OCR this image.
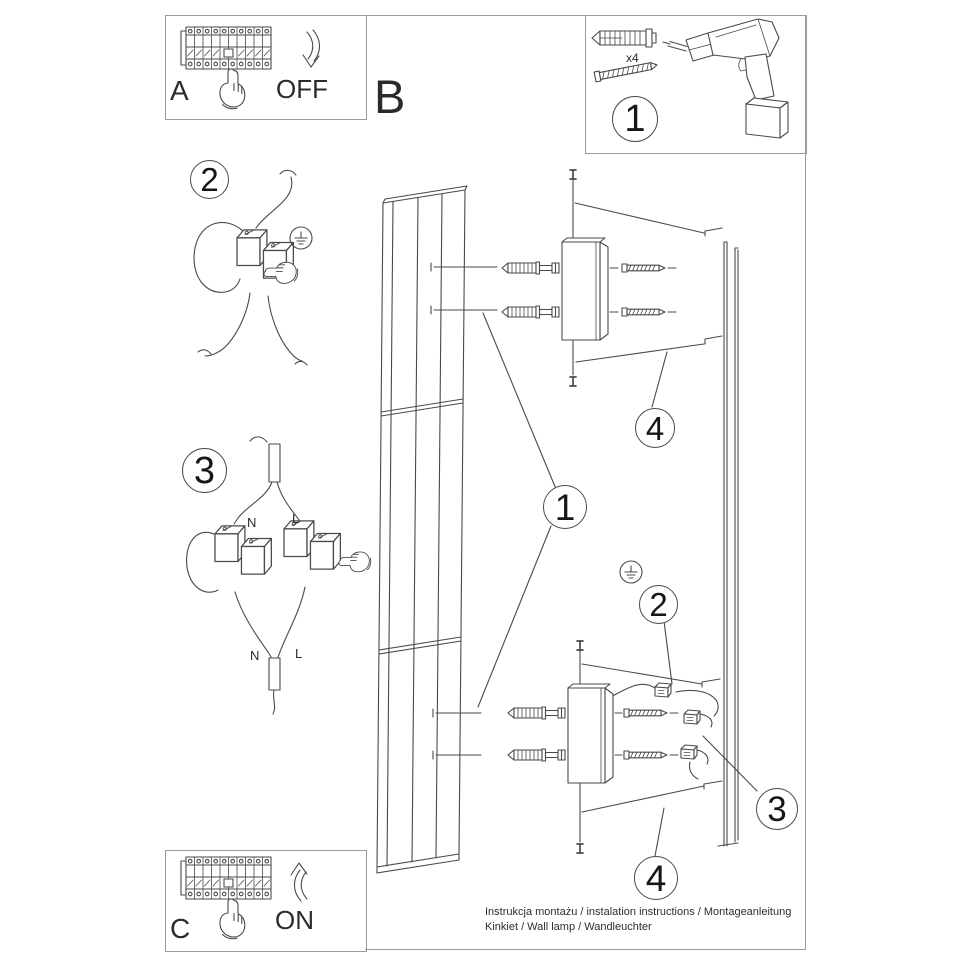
A	OFF B
C	ON
x4
N	L
N	L
1
2
3
1
4
2
3
4
Instrukcja montażu / instalation instructions / Montageanleitung
Kinkiet / Wall lamp / Wandleuchter
